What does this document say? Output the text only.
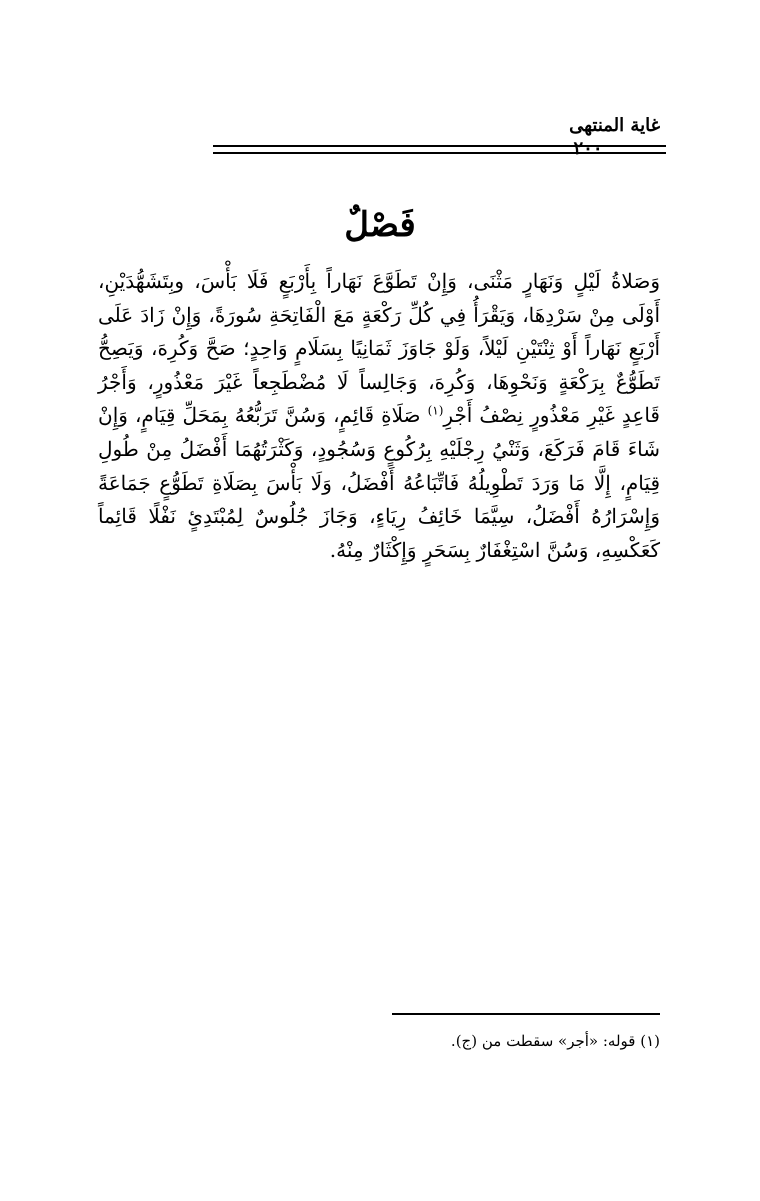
غاية المنتهى
٢٠٠
فَصْلٌ

وَصَلاةُ لَيْلٍ وَنَهَارٍ مَثْنَى، وَإِنْ تَطَوَّعَ نَهَاراً بِأَرْبَعٍ فَلَا بَأْسَ، وبِتَشَهُّدَيْنِ، أَوْلَى مِنْ سَرْدِهَا، وَيَقْرَأُ فِي كُلِّ رَكْعَةٍ مَعَ الْفَاتِحَةِ سُورَةً، وَإِنْ زَادَ عَلَى أَرْبَعٍ نَهَاراً أَوْ ثِنْتَيْنِ لَيْلاً، وَلَوْ جَاوَزَ ثَمَانِيًا بِسَلَامٍ وَاحِدٍ؛ صَحَّ وَكُرِهَ، وَيَصِحُّ تَطَوُّعٌ بِرَكْعَةٍ وَنَحْوِهَا، وَكُرِهَ، وَجَالِساً لَا مُضْطَجِعاً غَيْرَ مَعْذُورٍ، وَأَجْرُ قَاعِدٍ غَيْرِ مَعْذُورٍ نِصْفُ أَجْرِ$^{(١)}$ صَلَاةِ قَائِمٍ، وَسُنَّ تَرَبُّعُهُ بِمَحَلِّ قِيَامٍ، وَإِنْ شَاءَ قَامَ فَرَكَعَ، وَثَنْيُ رِجْلَيْهِ بِرُكُوعٍ وَسُجُودٍ، وَكَثْرَتُهُمَا أَفْضَلُ مِنْ طُولِ قِيَامٍ، إِلَّا مَا وَرَدَ تَطْوِيلُهُ فَاتِّبَاعُهُ أَفْضَلُ، وَلَا بَأْسَ بِصَلَاةِ تَطَوُّعٍ جَمَاعَةً وَإِسْرَارُهُ أَفْضَلُ، سِيَّمَا خَائِفُ رِيَاءٍ، وَجَازَ جُلُوسٌ لِمُبْتَدِئٍ نَفْلًا قَائِماً كَعَكْسِهِ، وَسُنَّ اسْتِغْفَارٌ بِسَحَرٍ وَإِكْثَارٌ مِنْهُ.

(١) قوله: «أجر» سقطت من (ج).
